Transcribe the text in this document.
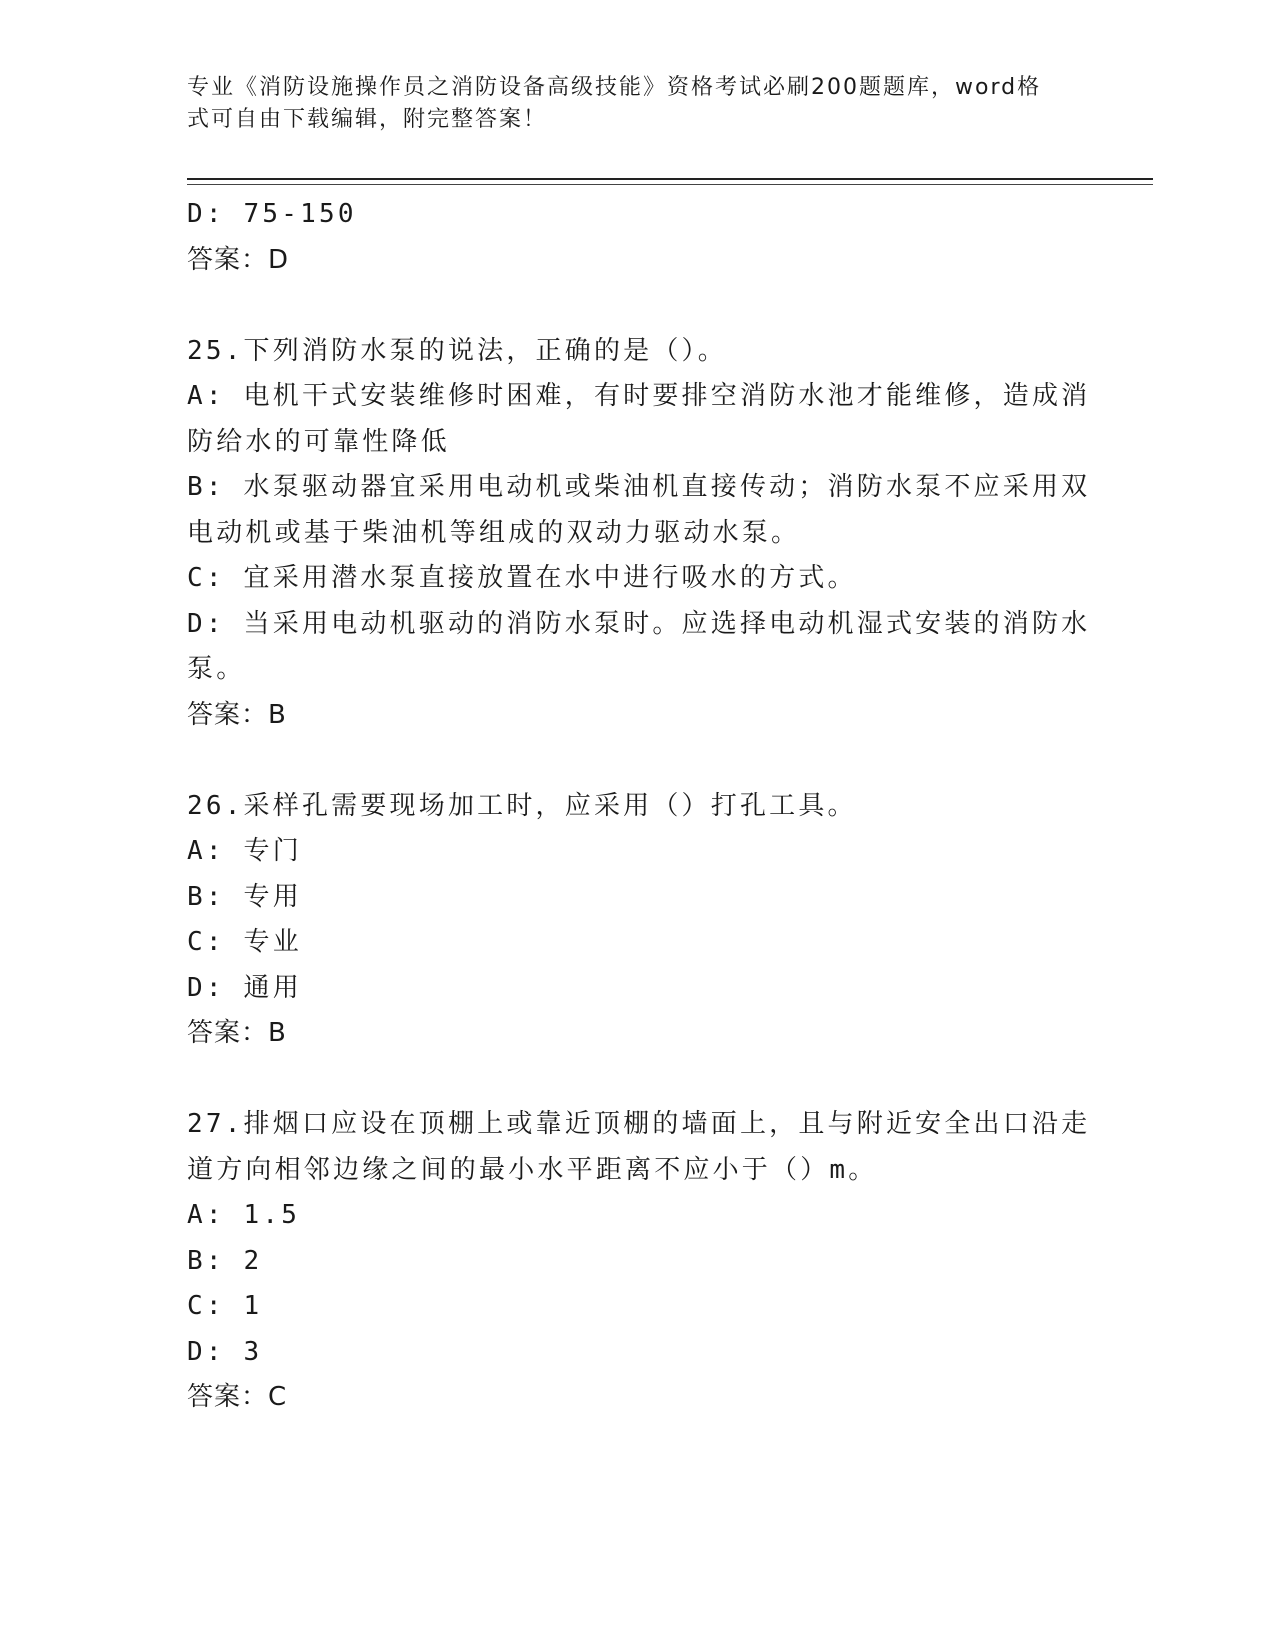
专业《消防设施操作员之消防设备高级技能》资格考试必刷200题题库，word格
式可自由下载编辑，附完整答案！
D: 75-150
答案：D
25.下列消防水泵的说法，正确的是（）。
A: 电机干式安装维修时困难，有时要排空消防水池才能维修，造成消
防给水的可靠性降低
B: 水泵驱动器宜采用电动机或柴油机直接传动；消防水泵不应采用双
电动机或基于柴油机等组成的双动力驱动水泵。
C: 宜采用潜水泵直接放置在水中进行吸水的方式。
D: 当采用电动机驱动的消防水泵时。应选择电动机湿式安装的消防水
泵。
答案：B
26.采样孔需要现场加工时，应采用（）打孔工具。
A: 专门
B: 专用
C: 专业
D: 通用
答案：B
27.排烟口应设在顶棚上或靠近顶棚的墙面上，且与附近安全出口沿走
道方向相邻边缘之间的最小水平距离不应小于（）m。
A: 1.5
B: 2
C: 1
D: 3
答案：C
